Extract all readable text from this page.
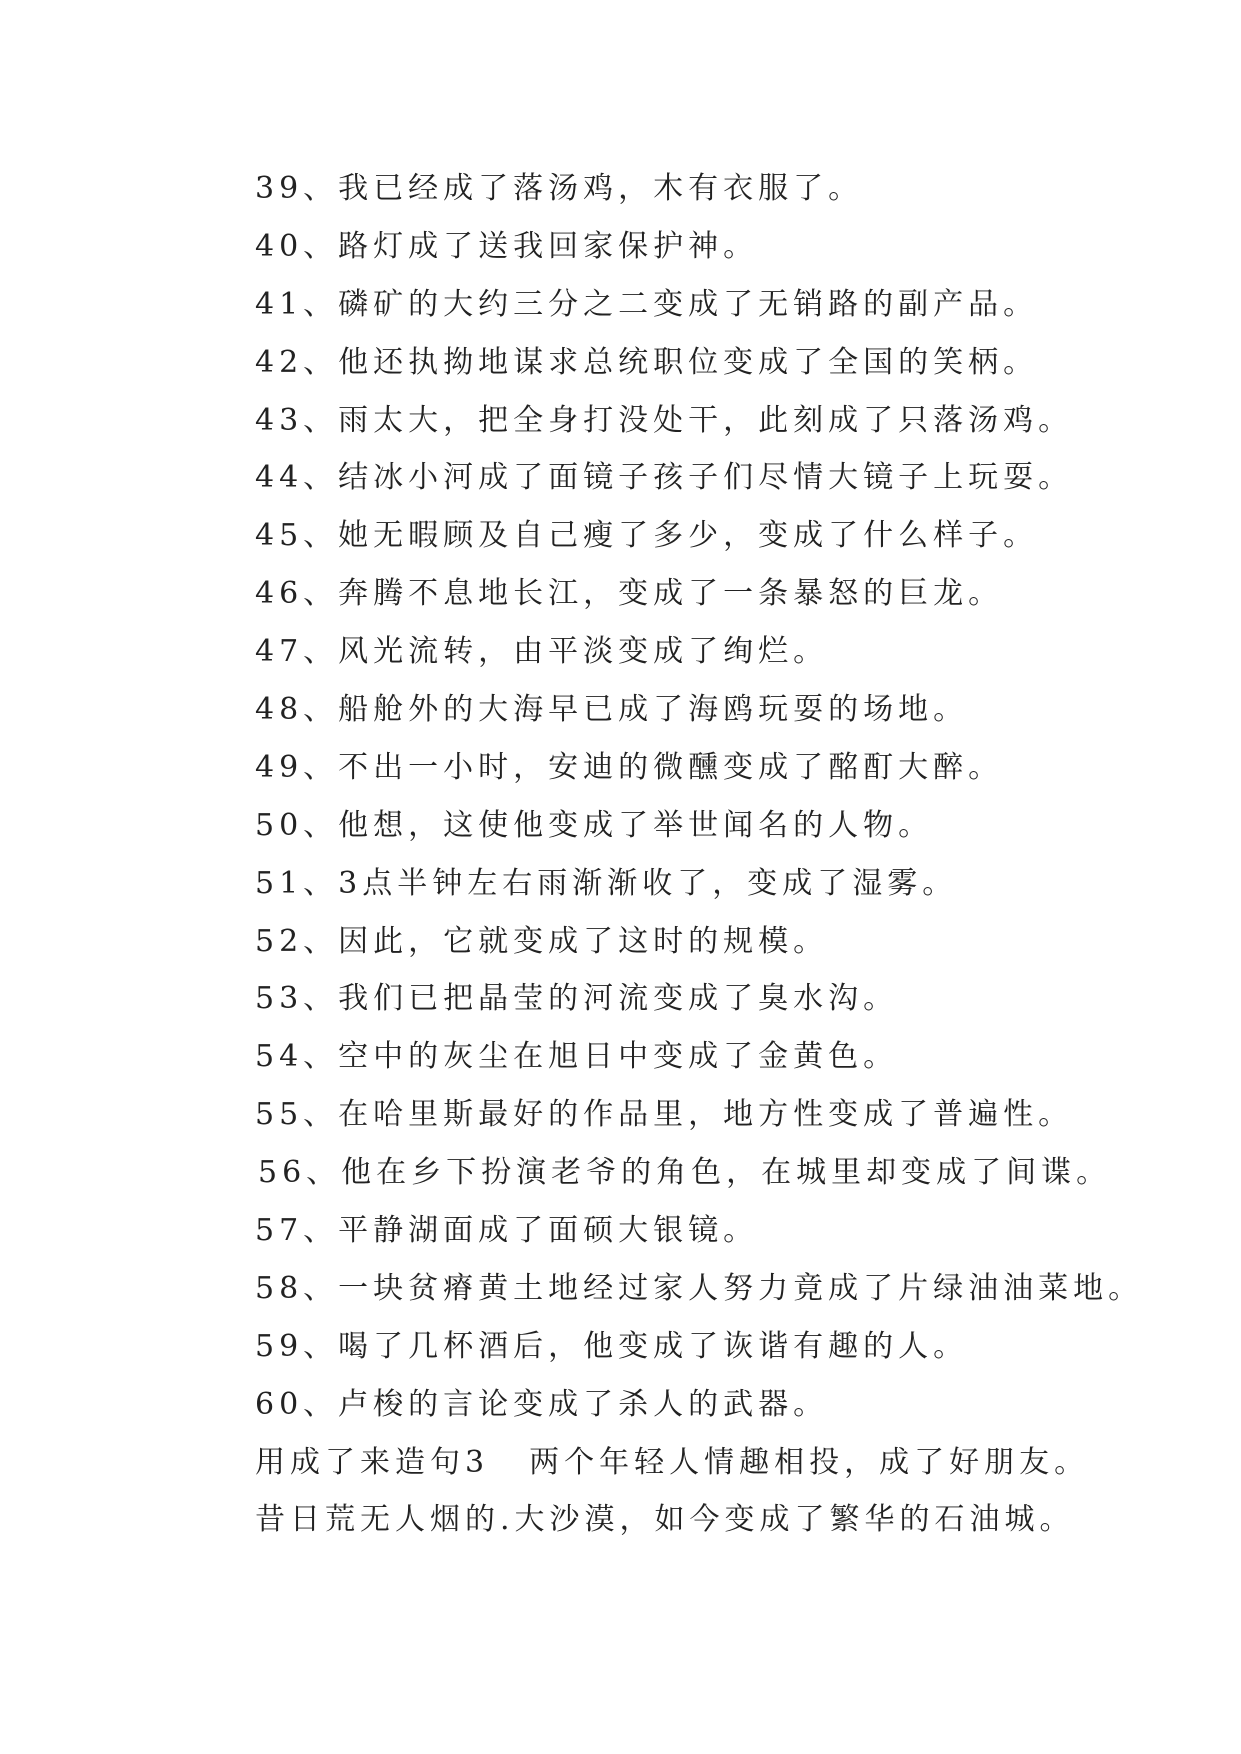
39、我已经成了落汤鸡，木有衣服了。
40、路灯成了送我回家保护神。
41、磷矿的大约三分之二变成了无销路的副产品。
42、他还执拗地谋求总统职位变成了全国的笑柄。
43、雨太大，把全身打没处干，此刻成了只落汤鸡。
44、结冰小河成了面镜子孩子们尽情大镜子上玩耍。
45、她无暇顾及自己瘦了多少，变成了什么样子。
46、奔腾不息地长江，变成了一条暴怒的巨龙。
47、风光流转，由平淡变成了绚烂。
48、船舱外的大海早已成了海鸥玩耍的场地。
49、不出一小时，安迪的微醺变成了酩酊大醉。
50、他想，这使他变成了举世闻名的人物。
51、3点半钟左右雨渐渐收了，变成了湿雾。
52、因此，它就变成了这时的规模。
53、我们已把晶莹的河流变成了臭水沟。
54、空中的灰尘在旭日中变成了金黄色。
55、在哈里斯最好的作品里，地方性变成了普遍性。
56、他在乡下扮演老爷的角色，在城里却变成了间谍。
57、平静湖面成了面硕大银镜。
58、一块贫瘠黄土地经过家人努力竟成了片绿油油菜地。
59、喝了几杯酒后，他变成了诙谐有趣的人。
60、卢梭的言论变成了杀人的武器。
用成了来造句3 两个年轻人情趣相投，成了好朋友。
昔日荒无人烟的.大沙漠，如今变成了繁华的石油城。
